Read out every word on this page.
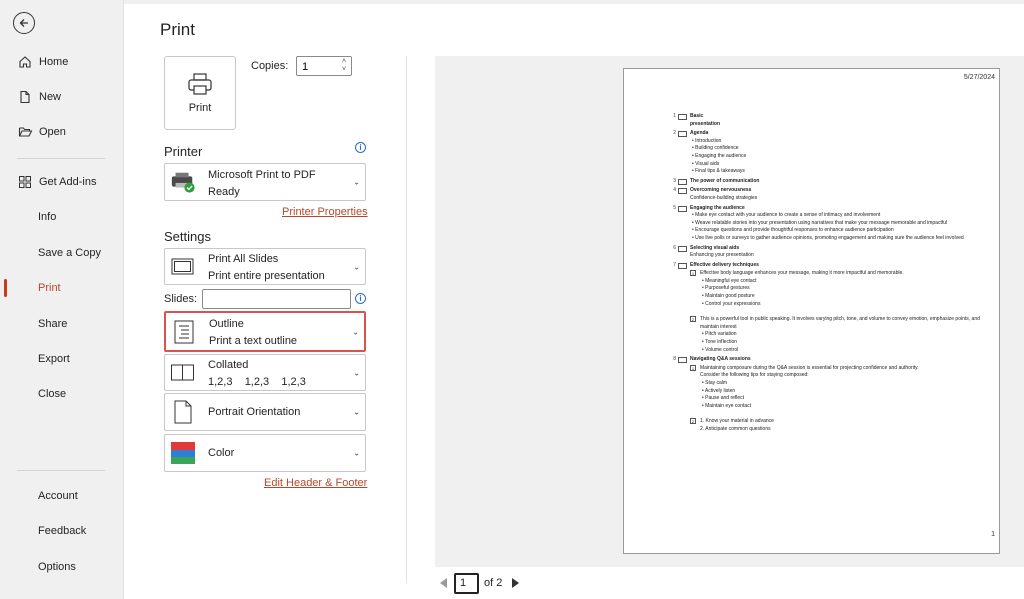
Home
New
Open
Get Add-ins
Info
Save a Copy
Print
Share
Export
Close
Account
Feedback
Options
Print
Print
Copies:
1	˄
˅
Printer	i
Microsoft Print to PDF
Ready
⌄
Printer Properties
Settings
Print All Slides
Print entire presentation
⌄
Slides:	i
Outline
Print a text outline
⌄
Collated
1,2,3    1,2,3    1,2,3
⌄
Portrait Orientation	⌄
Color	⌄
Edit Header & Footer
5/27/2024
1	Basic
presentation
2	Agenda
• Introduction
• Building confidence
• Engaging the audience
• Visual aids
• Final tips & takeaways
3	The power of communication
4	Overcoming nervousness
Confidence-building strategies
5	Engaging the audience
• Make eye contact with your audience to create a sense of intimacy and involvement
• Weave relatable stories into your presentation using narratives that make your message memorable and impactful
• Encourage questions and provide thoughtful responses to enhance audience participation
• Use live polls or surveys to gather audience opinions, promoting engagement and making sure the audience feel involved
6	Selecting visual aids
Enhancing your presentation
7	Effective delivery techniques
1	Effective body language enhances your message, making it more impactful and memorable.
• Meaningful eye contact
• Purposeful gestures
• Maintain good posture
• Control your expressions
2	This is a powerful tool in public speaking. It involves varying pitch, tone, and volume to convey emotion, emphasize points, and maintain interest
• Pitch variation
• Tone inflection
• Volume control
8	Navigating Q&A sessions
1	Maintaining composure during the Q&A session is essential for projecting confidence and authority.
Consider the following tips for staying composed:
• Stay calm
• Actively listen
• Pause and reflect
• Maintain eye contact
2	1. Know your material in advance
2. Anticipate common questions
1
1	of 2
